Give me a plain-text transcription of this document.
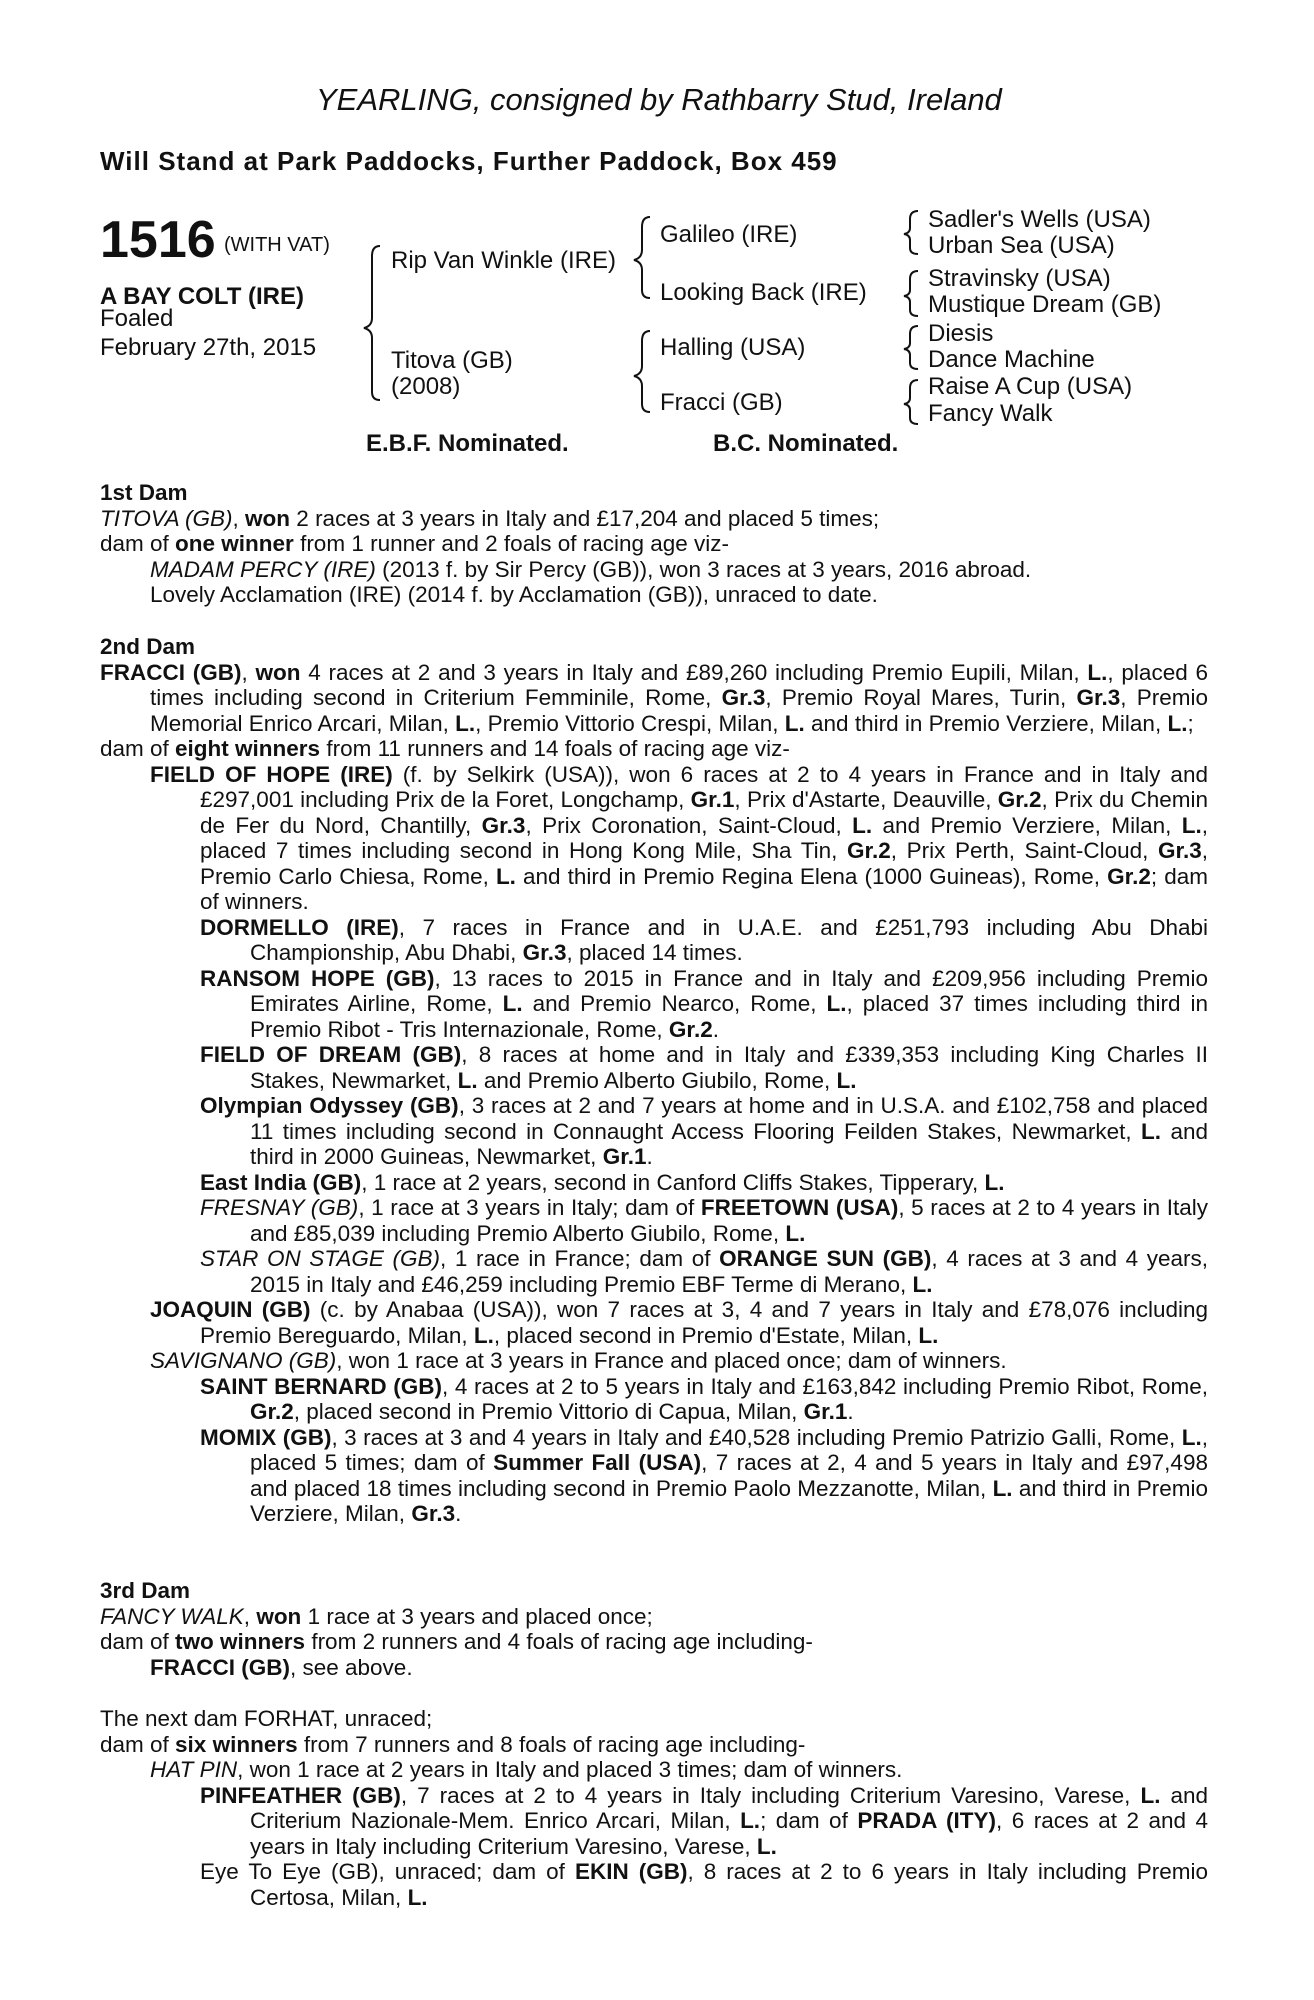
YEARLING, consigned by Rathbarry Stud, Ireland
Will Stand at Park Paddocks, Further Paddock, Box 459
1516 (WITH VAT)
A BAY COLT (IRE)
Foaled
February 27th, 2015
Rip Van Winkle (IRE)
Titova (GB)
(2008)
Galileo (IRE)
Looking Back (IRE)
Halling (USA)
Fracci (GB)
Sadler's Wells (USA)
Urban Sea (USA)
Stravinsky (USA)
Mustique Dream (GB)
Diesis
Dance Machine
Raise A Cup (USA)
Fancy Walk
E.B.F. Nominated.	B.C. Nominated.

1st Dam

TITOVA (GB), won 2 races at 3 years in Italy and £17,204 and placed 5 times;

dam of one winner from 1 runner and 2 foals of racing age viz-

MADAM PERCY (IRE) (2013 f. by Sir Percy (GB)), won 3 races at 3 years, 2016 abroad.

Lovely Acclamation (IRE) (2014 f. by Acclamation (GB)), unraced to date.

2nd Dam

FRACCI (GB), won 4 races at 2 and 3 years in Italy and £89,260 including Premio Eupili, Milan, L., placed 6 times including second in Criterium Femminile, Rome, Gr.3, Premio Royal Mares, Turin, Gr.3, Premio Memorial Enrico Arcari, Milan, L., Premio Vittorio Crespi, Milan, L. and third in Premio Verziere, Milan, L.;

dam of eight winners from 11 runners and 14 foals of racing age viz-

FIELD OF HOPE (IRE) (f. by Selkirk (USA)), won 6 races at 2 to 4 years in France and in Italy and £297,001 including Prix de la Foret, Longchamp, Gr.1, Prix d'Astarte, Deauville, Gr.2, Prix du Chemin de Fer du Nord, Chantilly, Gr.3, Prix Coronation, Saint-Cloud, L. and Premio Verziere, Milan, L., placed 7 times including second in Hong Kong Mile, Sha Tin, Gr.2, Prix Perth, Saint-Cloud, Gr.3, Premio Carlo Chiesa, Rome, L. and third in Premio Regina Elena (1000 Guineas), Rome, Gr.2; dam of winners.

DORMELLO (IRE), 7 races in France and in U.A.E. and £251,793 including Abu Dhabi Championship, Abu Dhabi, Gr.3, placed 14 times.

RANSOM HOPE (GB), 13 races to 2015 in France and in Italy and £209,956 including Premio Emirates Airline, Rome, L. and Premio Nearco, Rome, L., placed 37 times including third in Premio Ribot - Tris Internazionale, Rome, Gr.2.

FIELD OF DREAM (GB), 8 races at home and in Italy and £339,353 including King Charles II Stakes, Newmarket, L. and Premio Alberto Giubilo, Rome, L.

Olympian Odyssey (GB), 3 races at 2 and 7 years at home and in U.S.A. and £102,758 and placed 11 times including second in Connaught Access Flooring Feilden Stakes, Newmarket, L. and third in 2000 Guineas, Newmarket, Gr.1.

East India (GB), 1 race at 2 years, second in Canford Cliffs Stakes, Tipperary, L.

FRESNAY (GB), 1 race at 3 years in Italy; dam of FREETOWN (USA), 5 races at 2 to 4 years in Italy and £85,039 including Premio Alberto Giubilo, Rome, L.

STAR ON STAGE (GB), 1 race in France; dam of ORANGE SUN (GB), 4 races at 3 and 4 years, 2015 in Italy and £46,259 including Premio EBF Terme di Merano, L.

JOAQUIN (GB) (c. by Anabaa (USA)), won 7 races at 3, 4 and 7 years in Italy and £78,076 including Premio Bereguardo, Milan, L., placed second in Premio d'Estate, Milan, L.

SAVIGNANO (GB), won 1 race at 3 years in France and placed once; dam of winners.

SAINT BERNARD (GB), 4 races at 2 to 5 years in Italy and £163,842 including Premio Ribot, Rome, Gr.2, placed second in Premio Vittorio di Capua, Milan, Gr.1.

MOMIX (GB), 3 races at 3 and 4 years in Italy and £40,528 including Premio Patrizio Galli, Rome, L., placed 5 times; dam of Summer Fall (USA), 7 races at 2, 4 and 5 years in Italy and £97,498 and placed 18 times including second in Premio Paolo Mezzanotte, Milan, L. and third in Premio Verziere, Milan, Gr.3.

3rd Dam

FANCY WALK, won 1 race at 3 years and placed once;

dam of two winners from 2 runners and 4 foals of racing age including-

FRACCI (GB), see above.

The next dam FORHAT, unraced;

dam of six winners from 7 runners and 8 foals of racing age including-

HAT PIN, won 1 race at 2 years in Italy and placed 3 times; dam of winners.

PINFEATHER (GB), 7 races at 2 to 4 years in Italy including Criterium Varesino, Varese, L. and Criterium Nazionale-Mem. Enrico Arcari, Milan, L.; dam of PRADA (ITY), 6 races at 2 and 4 years in Italy including Criterium Varesino, Varese, L.

Eye To Eye (GB), unraced; dam of EKIN (GB), 8 races at 2 to 6 years in Italy including Premio Certosa, Milan, L.
